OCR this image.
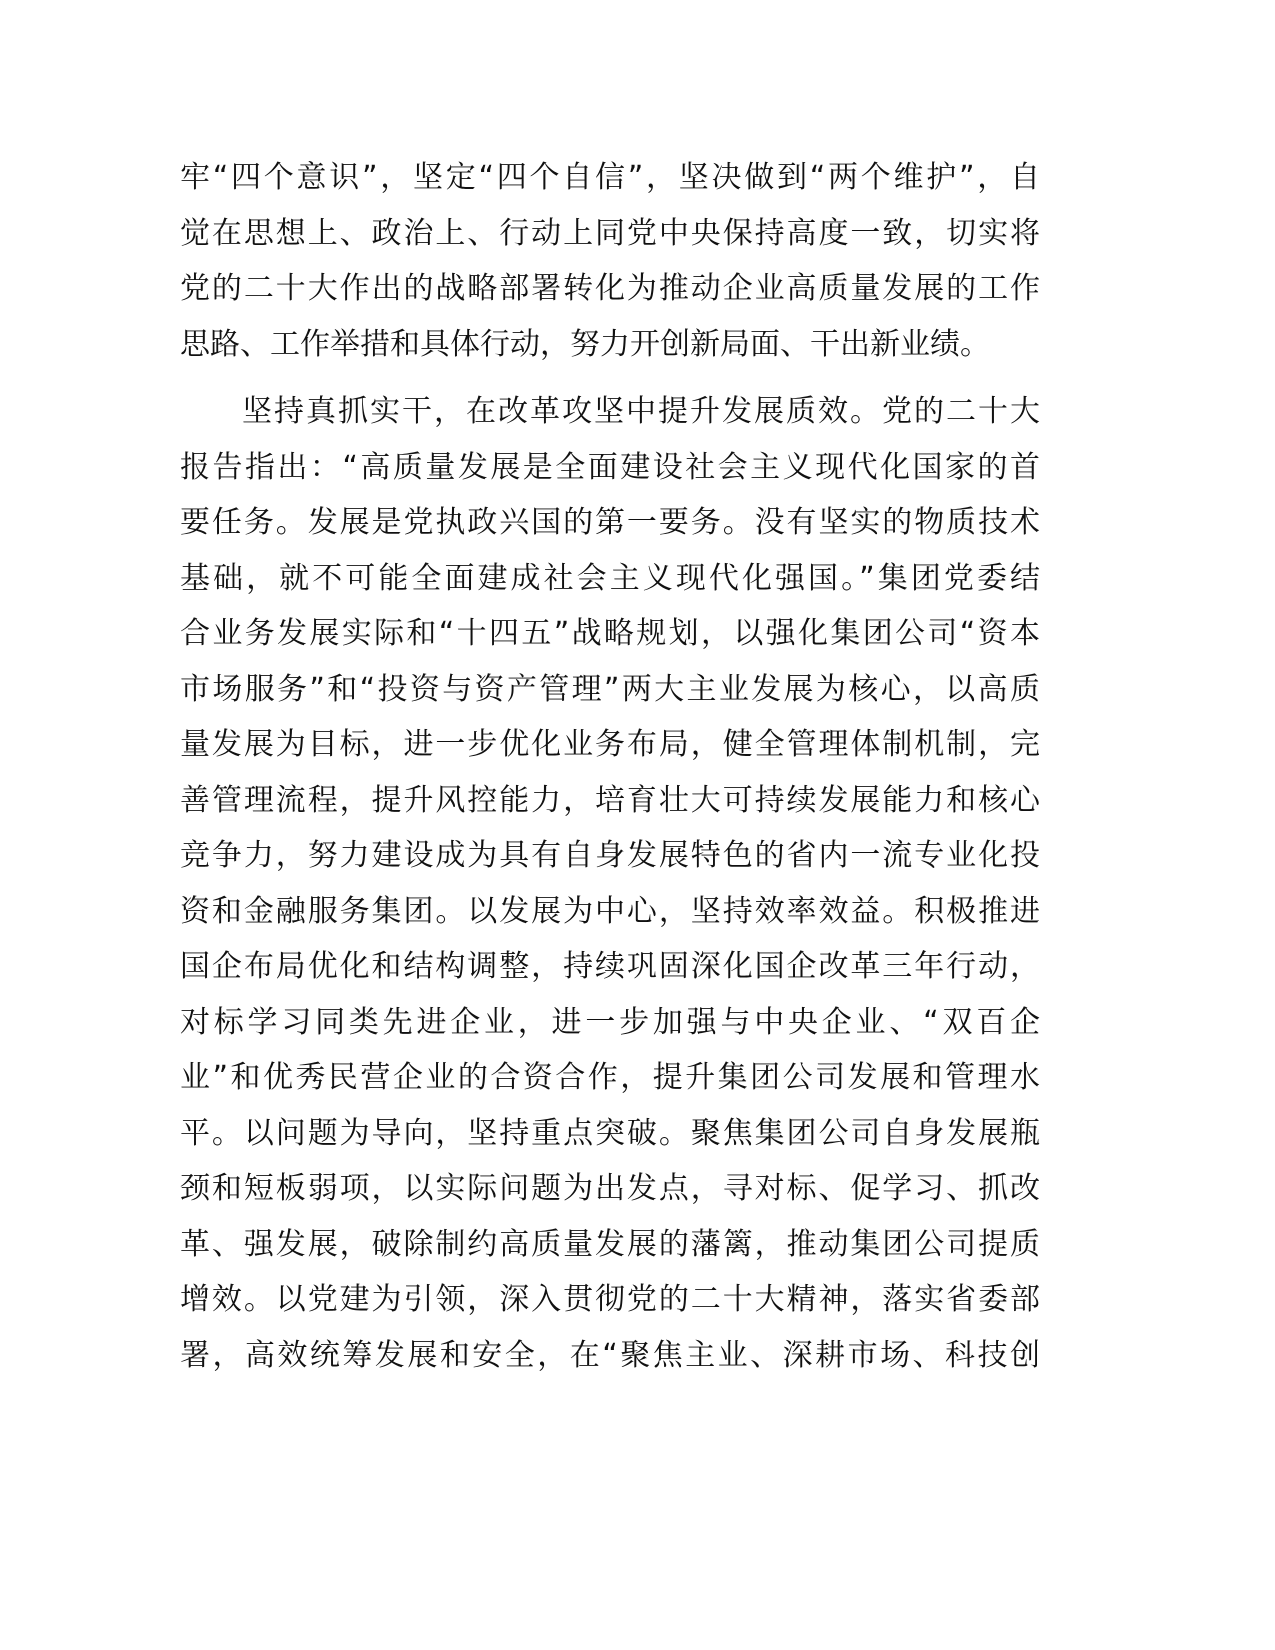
牢“四个意识”，坚定“四个自信”，坚决做到“两个维护”，自
觉在思想上、政治上、行动上同党中央保持高度一致，切实将
党的二十大作出的战略部署转化为推动企业高质量发展的工作
思路、工作举措和具体行动，努力开创新局面、干出新业绩。
坚持真抓实干，在改革攻坚中提升发展质效。党的二十大
报告指出：“高质量发展是全面建设社会主义现代化国家的首
要任务。发展是党执政兴国的第一要务。没有坚实的物质技术
基础，就不可能全面建成社会主义现代化强国。”集团党委结
合业务发展实际和“十四五”战略规划，以强化集团公司“资本
市场服务”和“投资与资产管理”两大主业发展为核心，以高质
量发展为目标，进一步优化业务布局，健全管理体制机制，完
善管理流程，提升风控能力，培育壮大可持续发展能力和核心
竞争力，努力建设成为具有自身发展特色的省内一流专业化投
资和金融服务集团。以发展为中心，坚持效率效益。积极推进
国企布局优化和结构调整，持续巩固深化国企改革三年行动，
对标学习同类先进企业，进一步加强与中央企业、“双百企
业”和优秀民营企业的合资合作，提升集团公司发展和管理水
平。以问题为导向，坚持重点突破。聚焦集团公司自身发展瓶
颈和短板弱项，以实际问题为出发点，寻对标、促学习、抓改
革、强发展，破除制约高质量发展的藩篱，推动集团公司提质
增效。以党建为引领，深入贯彻党的二十大精神，落实省委部
署，高效统筹发展和安全，在“聚焦主业、深耕市场、科技创
